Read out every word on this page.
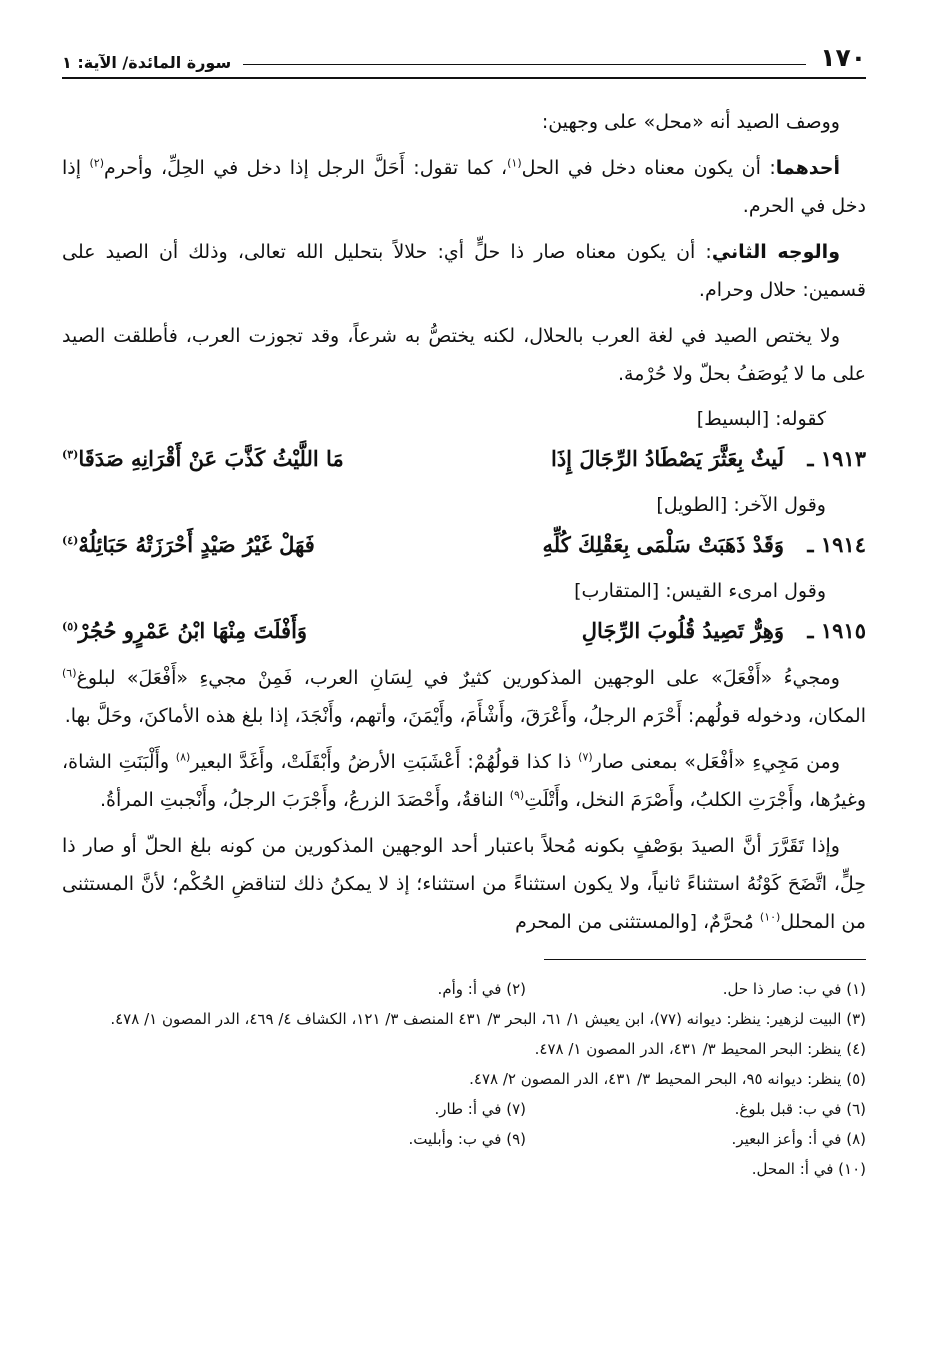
١٧٠
سورة المائدة/ الآية: ١

ووصف الصيد أنه «محل» على وجهين:

أحدهما: أن يكون معناه دخل في الحل$^{(١)}$، كما تقول: أَحَلَّ الرجل إذا دخل في الحِلِّ، وأحرم$^{(٢)}$ إذا دخل في الحرم.

والوجه الثاني: أن يكون معناه صار ذا حلٍّ أي: حلالاً بتحليل الله تعالى، وذلك أن الصيد على قسمين: حلال وحرام.

ولا يختص الصيد في لغة العرب بالحلال، لكنه يختصُّ به شرعاً، وقد تجوزت العرب، فأطلقت الصيد على ما لا يُوصَفُ بحلّ ولا حُرْمة.

كقوله: [البسيط]

١٩١٣ ـ
لَيثٌ بِعَثَّرَ يَصْطَادُ الرِّجَالَ إِذَا
مَا اللَّيْثُ كَذَّبَ عَنْ أَقْرَانِهِ صَدَقَا$^{(٣)}$

وقول الآخر: [الطويل]

١٩١٤ ـ
وَقَدْ ذَهَبَتْ سَلْمَى بِعَقْلِكَ كُلِّهِ
فَهَلْ غَيْرُ صَيْدٍ أَحْرَزَتْهُ حَبَائِلُهْ$^{(٤)}$

وقول امرىء القيس: [المتقارب]

١٩١٥ ـ
وَهِرٌّ تَصِيدُ قُلُوبَ الرِّجَالِ
وَأَفْلَتَ مِنْهَا ابْنُ عَمْرٍو حُجُرْ$^{(٥)}$

ومجيءُ «أَفْعَلَ» على الوجهين المذكورين كثيرٌ في لِسَانِ العرب، فَمِنْ مجيءِ «أَفْعَلَ» لبلوغ$^{(٦)}$ المكان، ودخوله قولُهم: أَحْرَم الرجلُ، وأَعْرَقَ، وأَشْأَمَ، وأَيْمَنَ، وأتهم، وأَنْجَدَ، إذا بلغ هذه الأماكنَ، وحَلَّ بها.

ومن مَجِيءِ «أفْعَل» بمعنى صار$^{(٧)}$ ذا كذا قولُهُمْ: أَعْشَبَتِ الأرضُ وأَبْقَلَتْ، وأَغَدَّ البعير$^{(٨)}$ وأَلْبَنَتِ الشاة، وغيرُها، وأَجْرَتِ الكلبُ، وأَصْرَمَ النخل، وأَتْلَتِ$^{(٩)}$ الناقةُ، وأَحْصَدَ الزرعُ، وأَجْرَبَ الرجلُ، وأَنْجبتِ المرأةُ.

وإذا تَقَرَّرَ أنَّ الصيدَ بوَصْفٍ بكونه مُحلاً باعتبار أحد الوجهين المذكورين من كونه بلغ الحلّ أو صار ذا حِلٍّ، اتَّضَحَ كَوْنُهُ استثناءً ثانياً، ولا يكون استثناءً من استثناء؛ إذ لا يمكنُ ذلك لتناقضِ الحُكْم؛ لأنَّ المستثنى من المحلل$^{(١٠)}$ مُحرَّمٌ، [والمستثنى من المحرم

(١) في ب: صار ذا حل.
(٢) في أ: وأم.

(٣) البيت لزهير: ينظر: ديوانه (٧٧)، ابن يعيش ١/ ٦١، البحر ٣/ ٤٣١ المنصف ٣/ ١٢١، الكشاف ٤/ ٤٦٩، الدر المصون ١/ ٤٧٨.

(٤) ينظر: البحر المحيط ٣/ ٤٣١، الدر المصون ١/ ٤٧٨.

(٥) ينظر: ديوانه ٩٥، البحر المحيط ٣/ ٤٣١، الدر المصون ٢/ ٤٧٨.

(٦) في ب: قبل بلوغ.
(٧) في أ: طار.
(٨) في أ: وأعز البعير.
(٩) في ب: وأبليت.

(١٠) في أ: المحل.
